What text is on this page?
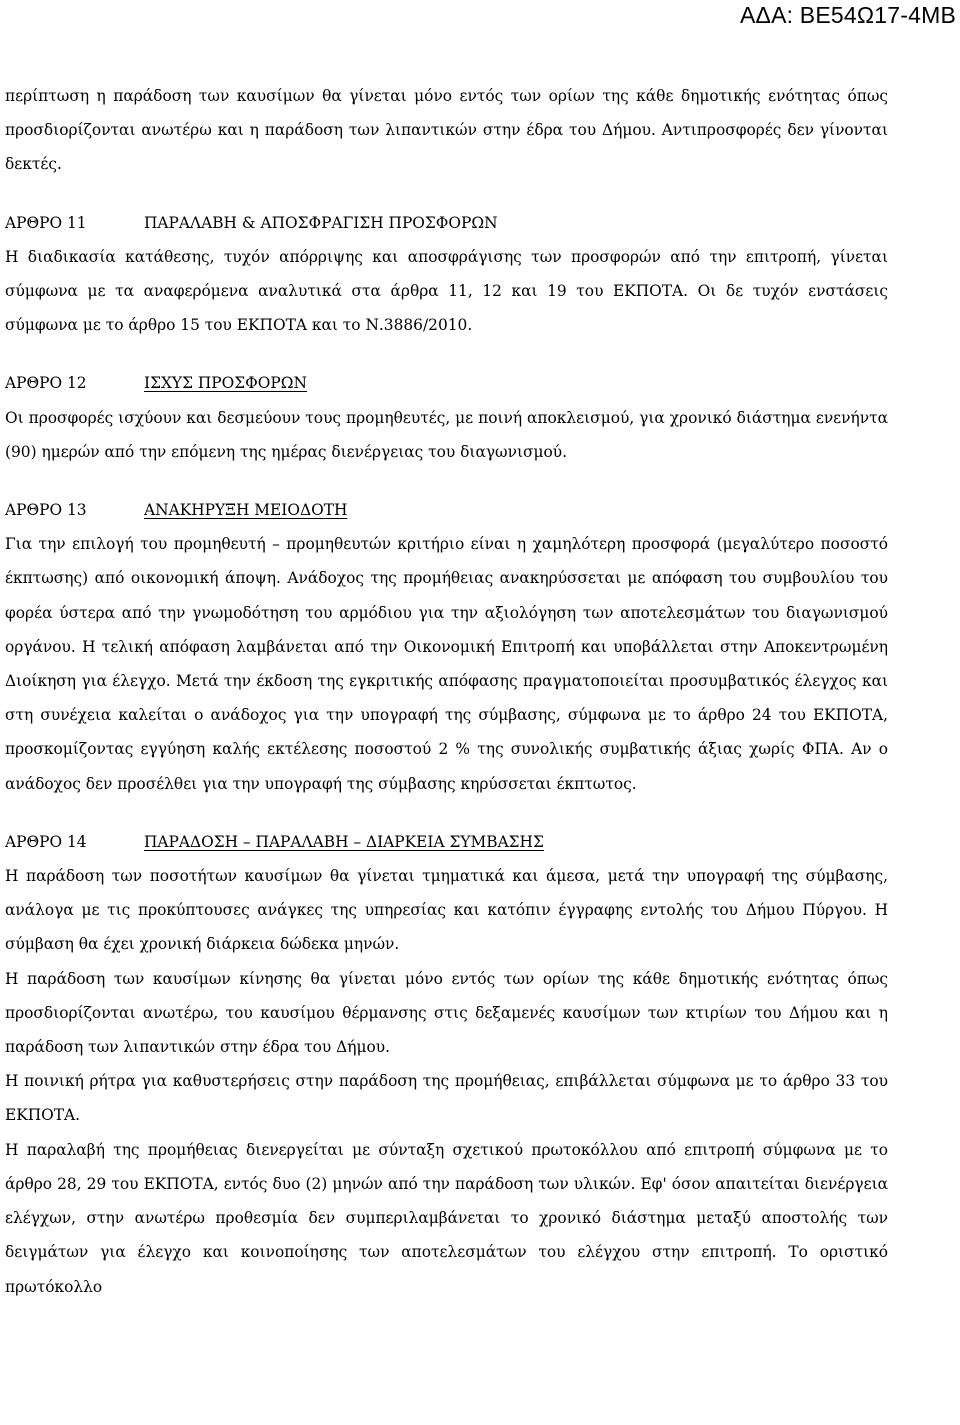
ΑΔΑ: ΒΕ54Ω17-4ΜΒ

περίπτωση η παράδοση των καυσίμων θα γίνεται μόνο εντός των ορίων της κάθε δημοτικής ενότητας όπως προσδιορίζονται ανωτέρω και η παράδοση των λιπαντικών στην έδρα του Δήμου. Αντιπροσφορές δεν γίνονται δεκτές.

ΑΡΘΡΟ 11	ΠΑΡΑΛΑΒΗ & ΑΠΟΣΦΡΑΓΙΣΗ ΠΡΟΣΦΟΡΩΝ

Η διαδικασία κατάθεσης, τυχόν απόρριψης και αποσφράγισης των προσφορών από την επιτροπή, γίνεται σύμφωνα με τα αναφερόμενα αναλυτικά στα άρθρα 11, 12 και 19 του ΕΚΠΟΤΑ. Οι δε τυχόν ενστάσεις σύμφωνα με το άρθρο 15 του ΕΚΠΟΤΑ και το Ν.3886/2010.

ΑΡΘΡΟ 12	ΙΣΧΥΣ ΠΡΟΣΦΟΡΩΝ

Οι προσφορές ισχύουν και δεσμεύουν τους προμηθευτές, με ποινή αποκλεισμού, για χρονικό διάστημα ενενήντα (90) ημερών από την επόμενη της ημέρας διενέργειας του διαγωνισμού.

ΑΡΘΡΟ 13	ΑΝΑΚΗΡΥΞΗ ΜΕΙΟΔΟΤΗ

Για την επιλογή του προμηθευτή – προμηθευτών κριτήριο είναι η χαμηλότερη προσφορά (μεγαλύτερο ποσοστό έκπτωσης) από οικονομική άποψη. Ανάδοχος της προμήθειας ανακηρύσσεται με απόφαση του συμβουλίου του φορέα ύστερα από την γνωμοδότηση του αρμόδιου για την αξιολόγηση των αποτελεσμάτων του διαγωνισμού οργάνου. Η τελική απόφαση λαμβάνεται από την Οικονομική Επιτροπή και υποβάλλεται στην Αποκεντρωμένη Διοίκηση για έλεγχο. Μετά την έκδοση της εγκριτικής απόφασης πραγματοποιείται προσυμβατικός έλεγχος και στη συνέχεια καλείται ο ανάδοχος για την υπογραφή της σύμβασης, σύμφωνα με το άρθρο 24 του ΕΚΠΟΤΑ, προσκομίζοντας εγγύηση καλής εκτέλεσης ποσοστού 2 % της συνολικής συμβατικής άξιας χωρίς ΦΠΑ. Αν ο ανάδοχος δεν προσέλθει για την υπογραφή της σύμβασης κηρύσσεται έκπτωτος.

ΑΡΘΡΟ 14	ΠΑΡΑΔΟΣΗ – ΠΑΡΑΛΑΒΗ – ΔΙΑΡΚΕΙΑ ΣΥΜΒΑΣΗΣ

Η παράδοση των ποσοτήτων καυσίμων θα γίνεται τμηματικά και άμεσα, μετά την υπογραφή της σύμβασης, ανάλογα με τις προκύπτουσες ανάγκες της υπηρεσίας και κατόπιν έγγραφης εντολής του Δήμου Πύργου. Η σύμβαση θα έχει χρονική διάρκεια δώδεκα μηνών.

Η παράδοση των καυσίμων κίνησης θα γίνεται μόνο εντός των ορίων της κάθε δημοτικής ενότητας όπως προσδιορίζονται ανωτέρω, του καυσίμου θέρμανσης στις δεξαμενές καυσίμων των κτιρίων του Δήμου και η παράδοση των λιπαντικών στην έδρα του Δήμου.

Η ποινική ρήτρα για καθυστερήσεις στην παράδοση της προμήθειας, επιβάλλεται σύμφωνα με το άρθρο 33 του ΕΚΠΟΤΑ.

Η παραλαβή της προμήθειας διενεργείται με σύνταξη σχετικού πρωτοκόλλου από επιτροπή σύμφωνα με το άρθρο 28, 29 του ΕΚΠΟΤΑ, εντός δυο (2) μηνών από την παράδοση των υλικών. Εφ' όσον απαιτείται διενέργεια ελέγχων, στην ανωτέρω προθεσμία δεν συμπεριλαμβάνεται το χρονικό διάστημα μεταξύ αποστολής των δειγμάτων για έλεγχο και κοινοποίησης των αποτελεσμάτων του ελέγχου στην επιτροπή. Το οριστικό πρωτόκολλο
